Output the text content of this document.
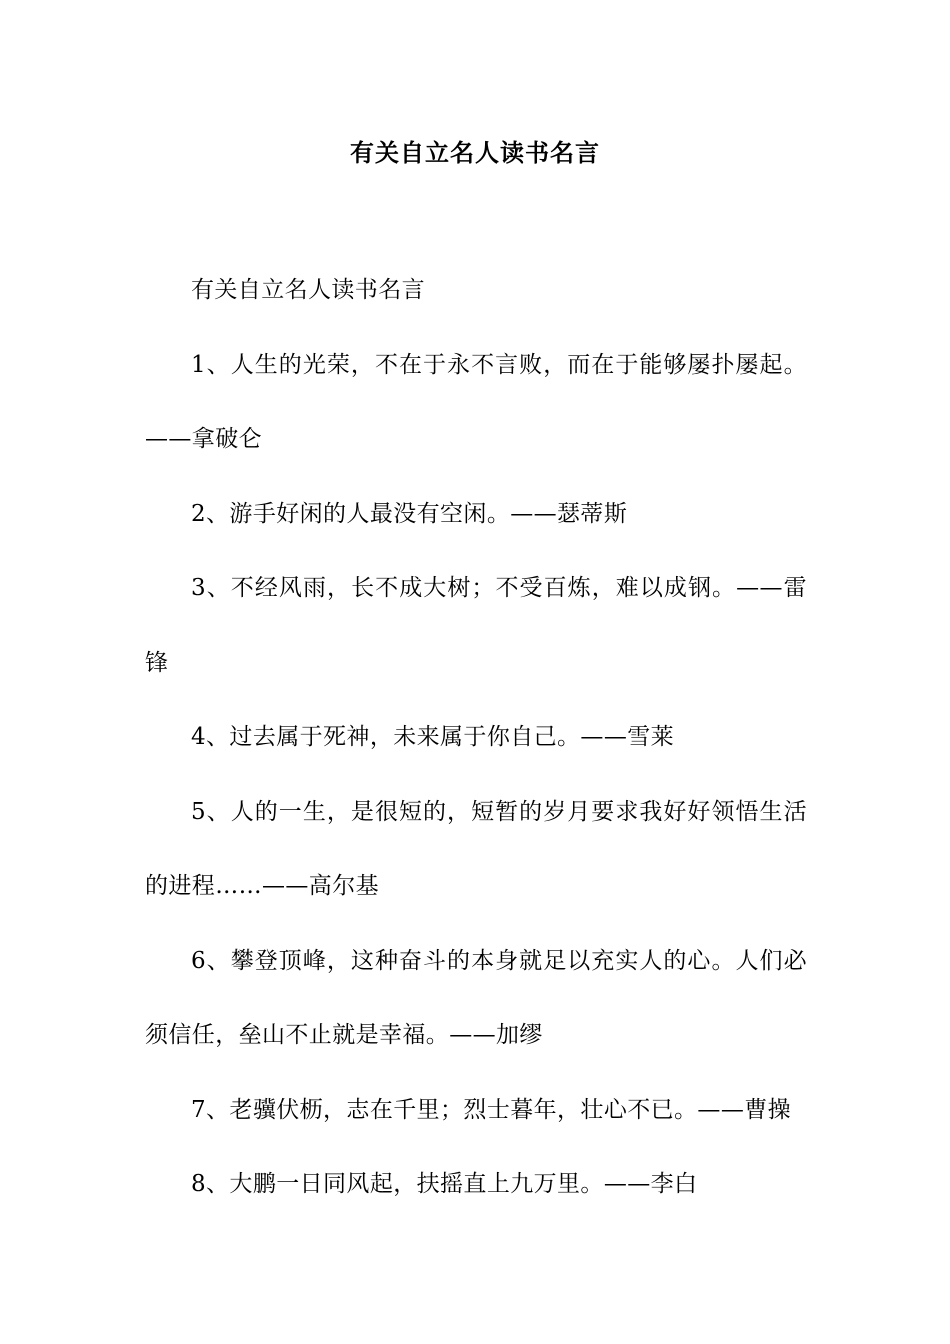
有关自立名人读书名言

有关自立名人读书名言

1、人生的光荣，不在于永不言败，而在于能够屡扑屡起。——拿破仑

2、游手好闲的人最没有空闲。——瑟蒂斯

3、不经风雨，长不成大树；不受百炼，难以成钢。——雷锋

4、过去属于死神，未来属于你自己。——雪莱

5、人的一生，是很短的，短暂的岁月要求我好好领悟生活的进程……——高尔基

6、攀登顶峰，这种奋斗的本身就足以充实人的心。人们必须信任，垒山不止就是幸福。——加缪

7、老骥伏枥，志在千里；烈士暮年，壮心不已。——曹操

8、大鹏一日同风起，扶摇直上九万里。——李白
